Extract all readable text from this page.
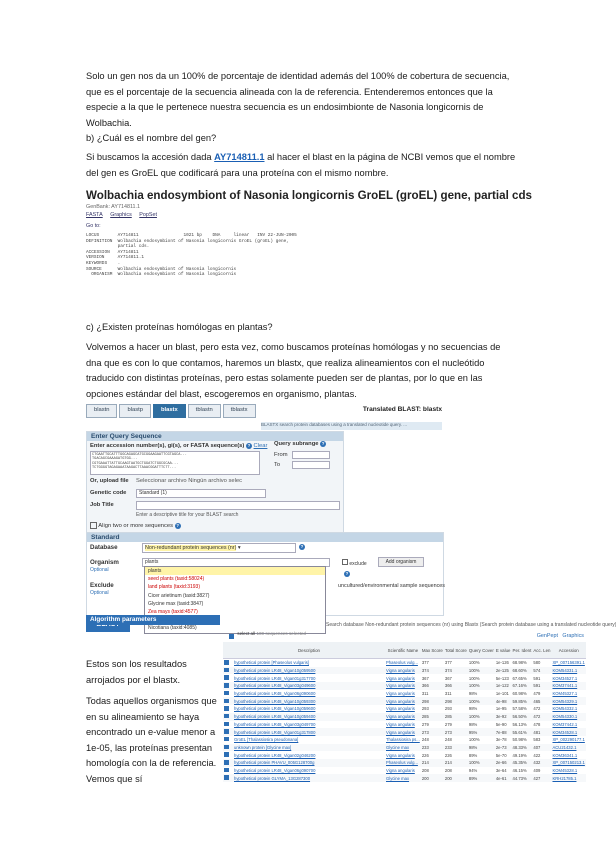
Solo un gen nos da un 100% de porcentaje de identidad además del 100% de cobertura de secuencia, que es el porcentaje de la secuencia alineada con la de referencia. Entenderemos entonces que la especie a la que le pertenece nuestra secuencia es un endosimbionte de Nasonia longicornis de Wolbachia.

b) ¿Cuál es el nombre del gen?

Si buscamos la accesión dada AY714811.1 al hacer el blast en la página de NCBI vemos que el nombre del gen es GroEL que codificará para una proteína con el mismo nombre.

Wolbachia endosymbiont of Nasonia longicornis GroEL (groEL) gene, partial cds
GenBank: AY714811.1
FASTA Graphics PopSet
Go to:
LOCUS       AY714811                 1021 bp    DNA     linear   INV 22-JUN-2005
DEFINITION  Wolbachia endosymbiont of Nasonia longicornis GroEL (groEL) gene,
partial cds.
ACCESSION   AY714811
VERSION     AY714811.1
KEYWORDS    .
SOURCE      Wolbachia endosymbiont of Nasonia longicornis
ORGANISM  Wolbachia endosymbiont of Nasonia longicornis

c) ¿Existen proteínas homólogas en plantas?

Volvemos a hacer un blast, pero esta vez, como buscamos proteínas homólogas y no secuencias de dna que es con lo que contamos, haremos un blastx, que realiza alineamientos con el nucleótido traducido con distintas proteínas, pero estas solamente pueden ser de plantas, por lo que en las opciones estándar del blast, escogeremos en organismo, plantas.

blastn	blastp	blastx	tblastn	tblastx	Translated BLAST: blastx
BLASTX search protein databases using a translated nucleotide query. ...
Enter Query Sequence
Enter accession number(s), gi(s), or FASTA sequence(s) ? Clear
CTGAATTGCATTTGGCAGAGCATGCGGAAGAATTCGTAGCA...
TGACAGCGAAAGATGTGG...
CGTGAAATTATTGCAAGTAATGCTGGATCTGGCGCAA...
TCTGGGGTAGAGAAATAAGACTTAAACGGATTTCTT...
Query subrange ?
From
To
Or, upload file Seleccionar archivo Ningún archivo selec
Genetic code	Standard (1)
Job Title
Enter a descriptive title for your BLAST search
Align two or more sequences ?
Standard
Database	Non-redundant protein sequences (nr) ▾	?
Organism
Optional
plants	exclude	Add organism
?
Exclude
Optional
uncultured/environmental sample sequences
plants
seed plants (taxid:58024)
land plants (taxid:3193)
Cicer arietinum (taxid:3827)
Glycine max (taxid:3847)
Zea mays (taxid:4577)
Nicotiana (taxid:4085)
Search database Non-redundant protein sequences (nr) using Blastx (Search protein database using a translated nucleotide query)
Algorithm parameters

Estos son los resultados arrojados por el blastx.

Todas aquellos organismos que en su alineamiento se haya encontrado un e-value menor a 1e-05, las proteínas presentan homología con la de referencia. Vemos que sí

select all 100 sequences selected	GenPept Graphics
	Description	Scientific Name	Max Score	Total Score	Query Cover	E value	Per. Ident	Acc. Len	Accession
	hypothetical protein [Phaseolus vulgaris]	Phaseolus vulg...	377	377	100%	1e-126	68.98%	580	XP_007156391.1
	hypothetical protein LR48_Vigan10g059500	Vigna angularis	374	374	100%	2e-125	68.60%	574	KOM54331.1
	hypothetical protein LR48_Vigan01g317700	Vigna angularis	367	367	100%	5e-123	67.65%	591	KOM34527.1
	hypothetical protein LR48_Vigan03g049600	Vigna angularis	366	366	100%	1e-122	67.16%	591	KOM37441.1
	hypothetical protein LR48_Vigan06g090600	Vigna angularis	311	311	98%	1e-101	60.98%	479	KOM45327.1
	hypothetical protein LR48_Vigan10g059300	Vigna angularis	298	298	100%	4e-98	59.85%	465	KOM54329.1
	hypothetical protein LR48_Vigan10g059600	Vigna angularis	293	293	98%	1e-95	57.58%	472	KOM54332.1
	hypothetical protein LR48_Vigan10g059400	Vigna angularis	285	285	100%	3e-92	56.50%	472	KOM54330.1
	hypothetical protein LR48_Vigan03g049700	Vigna angularis	279	279	98%	5e-90	56.13%	478	KOM37442.1
	hypothetical protein LR48_Vigan01g317800	Vigna angularis	273	273	95%	7e-88	55.61%	481	KOM34528.1
	GroEL [Thalassiosira pseudonana]	Thalassiosira ps...	248	248	100%	3e-78	50.98%	583	XP_002290177.1
	unknown protein [Glycine max]	Glycine max	233	233	98%	2e-73	48.33%	407	ACU21432.1
	hypothetical protein LR48_Vigan02g046200	Vigna angularis	226	226	89%	5e-70	49.19%	422	KOM36341.1
	hypothetical protein PHAVU_005G128700g	Phaseolus vulg...	214	214	100%	2e-66	45.35%	432	XP_007150213.1
	hypothetical protein LR48_Vigan06g090700	Vigna angularis	208	208	94%	3e-64	46.15%	409	KOM45328.1
	hypothetical protein GLYMA_13G287300	Glycine max	200	200	89%	4e-61	44.73%	427	KRH21785.1
